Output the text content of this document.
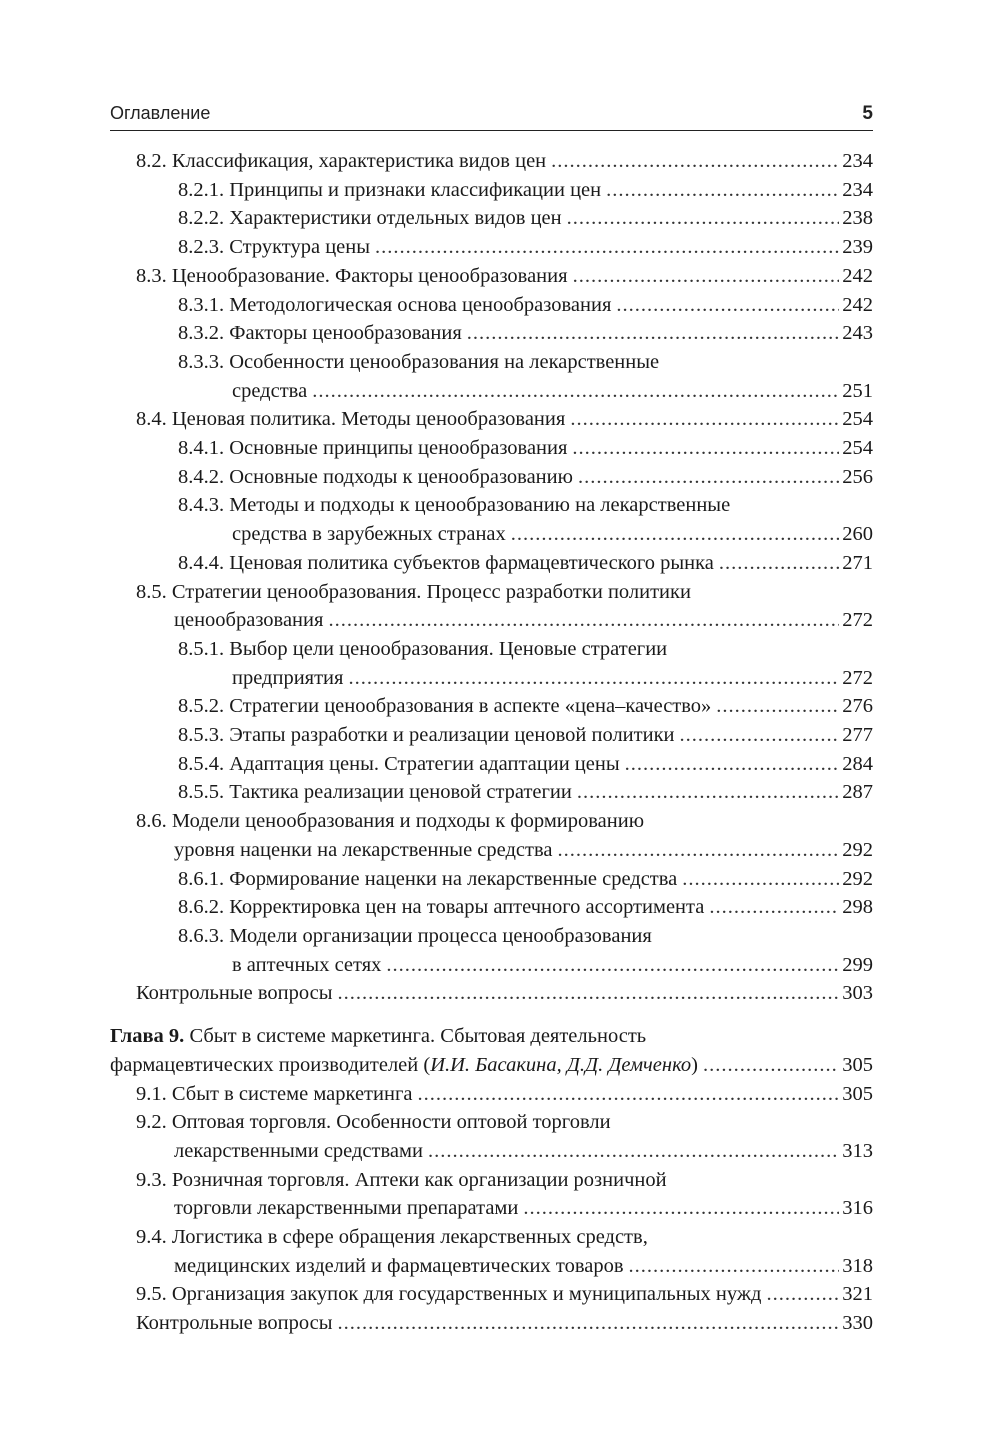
Оглавление	5
8.2. Классификация, характеристика видов цен .....	234
8.2.1. Принципы и признаки классификации цен .....	234
8.2.2. Характеристики отдельных видов цен .....	238
8.2.3. Структура цены .....	239
8.3. Ценообразование. Факторы ценообразования .....	242
8.3.1. Методологическая основа ценообразования .....	242
8.3.2. Факторы ценообразования .....	243
8.3.3. Особенности ценообразования на лекарственные
средства .....	251
8.4. Ценовая политика. Методы ценообразования .....	254
8.4.1. Основные принципы ценообразования .....	254
8.4.2. Основные подходы к ценообразованию .....	256
8.4.3. Методы и подходы к ценообразованию на лекарственные
средства в зарубежных странах .....	260
8.4.4. Ценовая политика субъектов фармацевтического рынка .....	271
8.5. Стратегии ценообразования. Процесс разработки политики
ценообразования .....	272
8.5.1. Выбор цели ценообразования. Ценовые стратегии
предприятия .....	272
8.5.2. Стратегии ценообразования в аспекте «цена–качество» .....	276
8.5.3. Этапы разработки и реализации ценовой политики .....	277
8.5.4. Адаптация цены. Стратегии адаптации цены .....	284
8.5.5. Тактика реализации ценовой стратегии .....	287
8.6. Модели ценообразования и подходы к формированию
уровня наценки на лекарственные средства .....	292
8.6.1. Формирование наценки на лекарственные средства .....	292
8.6.2. Корректировка цен на товары аптечного ассортимента .....	298
8.6.3. Модели организации процесса ценообразования
в аптечных сетях .....	299
Контрольные вопросы .....	303
Глава 9. Сбыт в системе маркетинга. Сбытовая деятельность
фармацевтических производителей (И.И. Басакина, Д.Д. Демченко) .....	305
9.1. Сбыт в системе маркетинга .....	305
9.2. Оптовая торговля. Особенности оптовой торговли
лекарственными средствами .....	313
9.3. Розничная торговля. Аптеки как организации розничной
торговли лекарственными препаратами .....	316
9.4. Логистика в сфере обращения лекарственных средств,
медицинских изделий и фармацевтических товаров .....	318
9.5. Организация закупок для государственных и муниципальных нужд .....	321
Контрольные вопросы .....	330
